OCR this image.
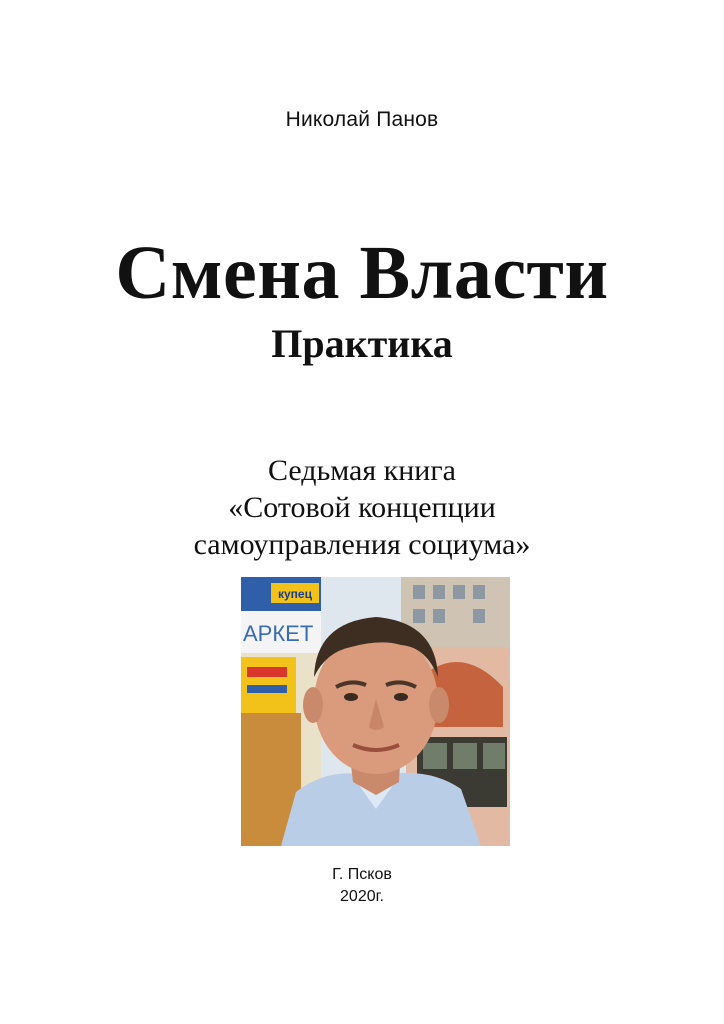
Николай Панов
Смена Власти
Практика
Седьмая книга
«Сотовой концепции
самоуправления социума»
купец
АРКЕТ
Г. Псков
2020г.
